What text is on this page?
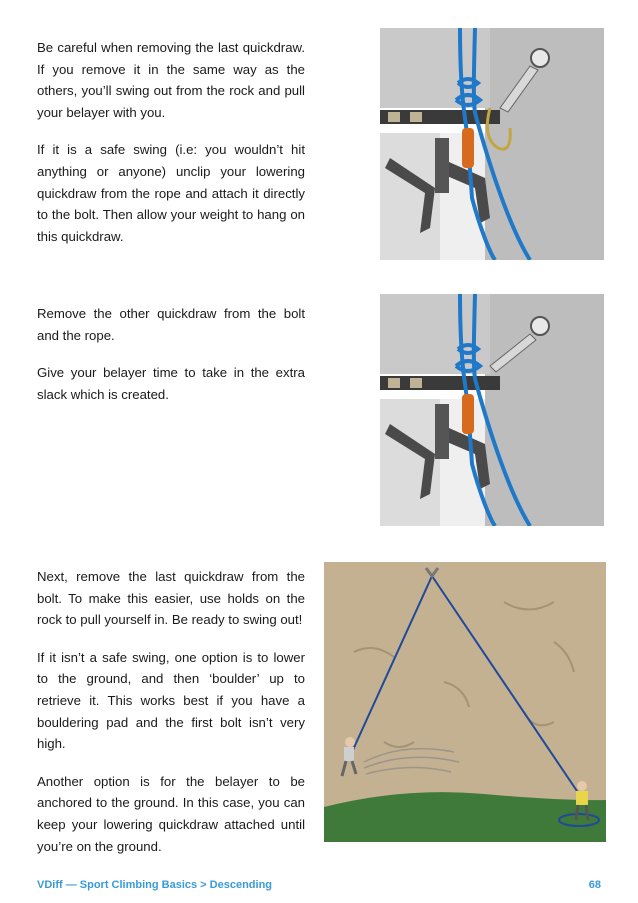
Be careful when removing the last quickdraw. If you remove it in the same way as the others, you’ll swing out from the rock and pull your belayer with you.

If it is a safe swing (i.e: you wouldn’t hit anything or anyone) unclip your lowering quickdraw from the rope and attach it directly to the bolt. Then allow your weight to hang on this quickdraw.

Remove the other quickdraw from the bolt and the rope.

Give your belayer time to take in the extra slack which is created.

Next, remove the last quickdraw from the bolt. To make this easier, use holds on the rock to pull yourself in. Be ready to swing out!

If it isn’t a safe swing, one option is to lower to the ground, and then ‘boulder’ up to retrieve it. This works best if you have a bouldering pad and the first bolt isn’t very high.

Another option is for the belayer to be anchored to the ground. In this case, you can keep your lowering quickdraw attached until you’re on the ground.

VDiff — Sport Climbing Basics > Descending	68
